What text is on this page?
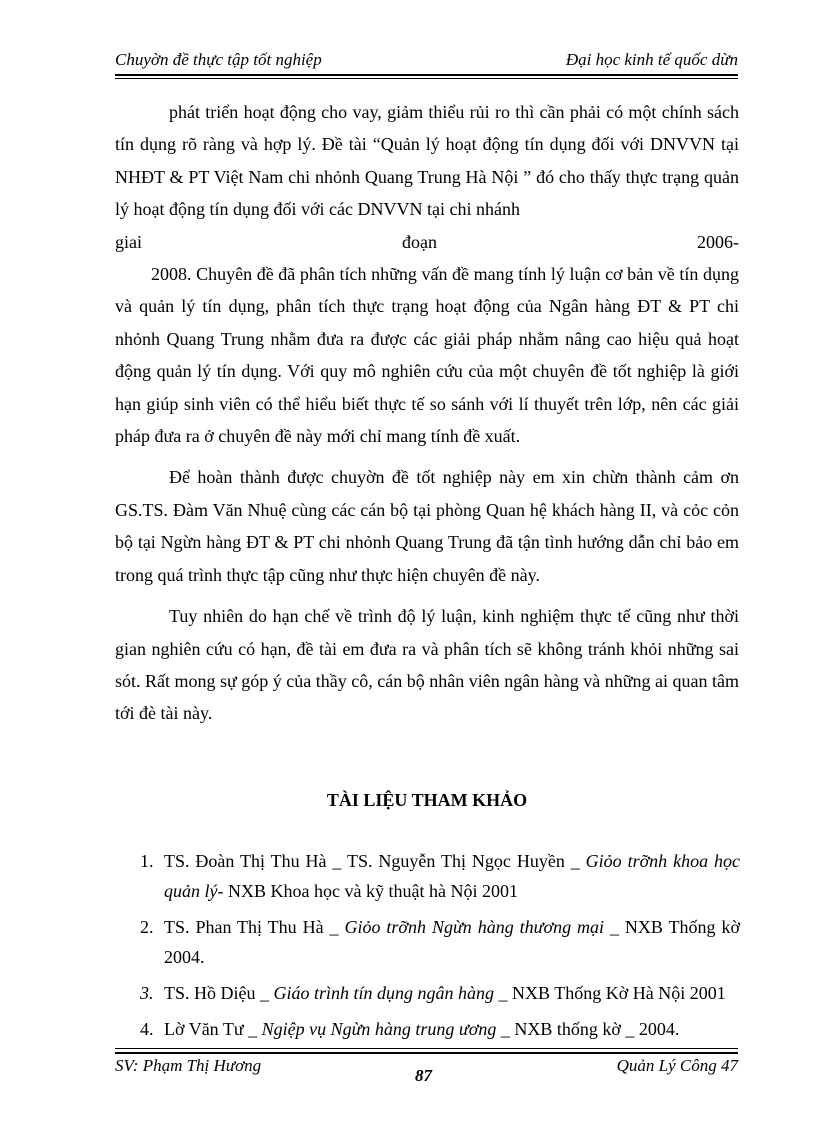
Chuyờn đề thực tập tốt nghiệp	Đại học kinh tế quốc dừn

phát triển hoạt động cho vay, giảm thiểu rủi ro thì cần phải có một chính sách tín dụng rõ ràng và hợp lý. Đề tài “Quản lý hoạt động tín dụng đối với DNVVN tại NHĐT & PT Việt Nam chi nhỏnh Quang Trung Hà Nội ” đó cho thấy thực trạng quản lý hoạt động tín dụng đối với các DNVVN tại chi nhánh

giai	đoạn	2006-

2008. Chuyên đề đã phân tích những vấn đề mang tính lý luận cơ bản về tín dụng và quản lý tín dụng, phân tích thực trạng hoạt động của Ngân hàng ĐT & PT chi nhỏnh Quang Trung nhằm đưa ra được các giải pháp nhằm nâng cao hiệu quả hoạt động quản lý tín dụng. Với quy mô nghiên cứu của một chuyên đề tốt nghiệp là giới hạn giúp sinh viên có thể hiểu biết thực tế so sánh với lí thuyết trên lớp, nên các giải pháp đưa ra ở chuyên đề này mới chỉ mang tính đề xuất.

Để hoàn thành được chuyờn đề tốt nghiệp này em xin chừn thành cảm ơn GS.TS. Đàm Văn Nhuệ cùng các cán bộ tại phòng Quan hệ khách hàng II, và cỏc cỏn bộ tại Ngừn hàng ĐT & PT chi nhỏnh Quang Trung đã tận tình hướng dẫn chỉ bảo em trong quá trình thực tập cũng như thực hiện chuyên đề này.

Tuy nhiên do hạn chế về trình độ lý luận, kinh nghiệm thực tế cũng như thời gian nghiên cứu có hạn, đề tài em đưa ra và phân tích sẽ không tránh khỏi những sai sót. Rất mong sự góp ý của thầy cô, cán bộ nhân viên ngân hàng và những ai quan tâm tới đè tài này.

TÀI LIỆU THAM KHẢO
1. TS. Đoàn Thị Thu Hà _ TS. Nguyễn Thị Ngọc Huyền _ Giỏo trỡnh khoa học quản lý- NXB Khoa học và kỹ thuật hà Nội 2001
2. TS. Phan Thị Thu Hà _ Giỏo trỡnh Ngừn hàng thương mại _ NXB Thống kờ 2004.
3. TS. Hồ Diệu _ Giáo trình tín dụng ngân hàng _ NXB Thống Kờ Hà Nội 2001
4. Lờ Văn Tư _ Ngiệp vụ Ngừn hàng trung ương _ NXB thống kờ _ 2004.
SV: Phạm Thị Hương
87
Quản Lý Công 47
